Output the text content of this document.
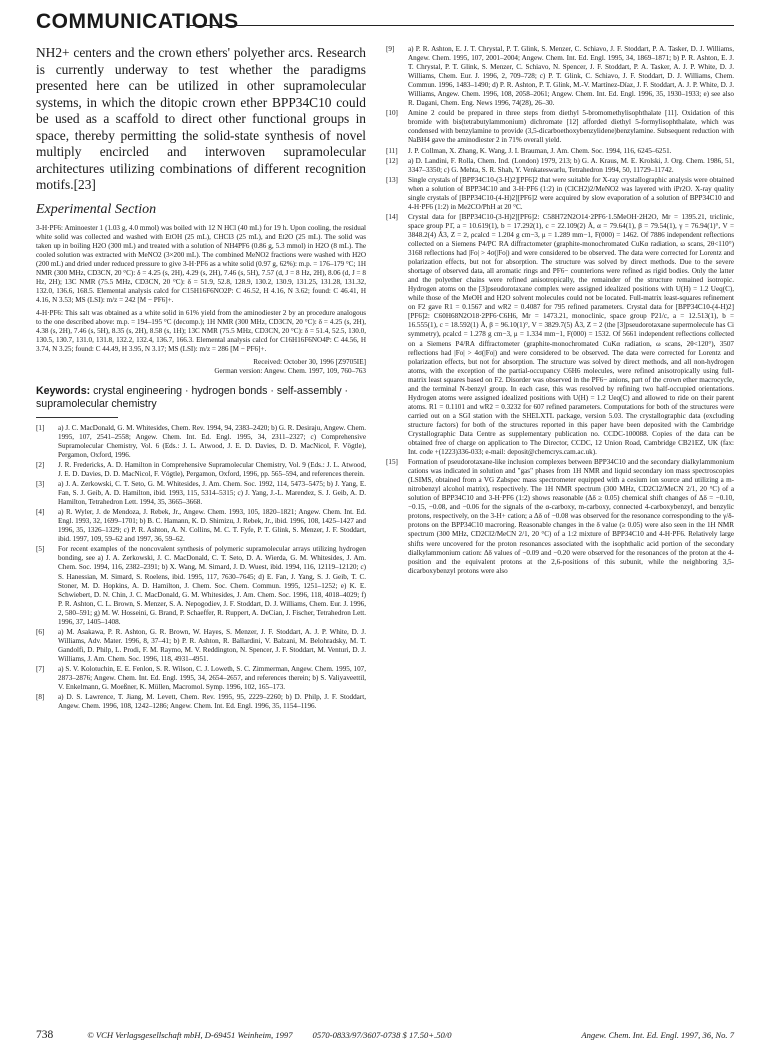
COMMUNICATIONS

NH2+ centers and the crown ethers' polyether arcs. Research is currently underway to test whether the paradigms presented here can be utilized in other supramolecular systems, in which the ditopic crown ether BPP34C10 could be used as a scaffold to direct other functional groups in space, thereby permitting the solid-state synthesis of novel multiply encircled and interwoven supramolecular architectures utilizing combinations of different recognition motifs.[23]

Experimental Section

3-H·PF6: Aminoester 1 (1.03 g, 4.0 mmol) was boiled with 12 N HCl (40 mL) for 19 h. Upon cooling, the residual white solid was collected and washed with EtOH (25 mL), CHCl3 (25 mL), and Et2O (25 mL). The solid was taken up in boiling H2O (300 mL) and treated with a solution of NH4PF6 (0.86 g, 5.3 mmol) in H2O (8 mL). The cooled solution was extracted with MeNO2 (3×200 mL). The combined MeNO2 fractions were washed with H2O (200 mL) and dried under reduced pressure to give 3-H·PF6 as a white solid (0.97 g, 62%): m.p. = 176–179 °C; 1H NMR (300 MHz, CD3CN, 20 °C): δ = 4.25 (s, 2H), 4.29 (s, 2H), 7.46 (s, 5H), 7.57 (d, J = 8 Hz, 2H), 8.06 (d, J = 8 Hz, 2H); 13C NMR (75.5 MHz, CD3CN, 20 °C): δ = 51.9, 52.8, 128.9, 130.2, 130.9, 131.25, 131.28, 131.32, 132.0, 136.6, 168.5. Elemental analysis calcd for C15H16F6NO2P: C 46.52, H 4.16, N 3.62; found: C 46.41, H 4.16, N 3.53; MS (LSI): m/z = 242 [M − PF6]+.

4-H·PF6: This salt was obtained as a white solid in 61% yield from the aminodiester 2 by an procedure analogous to the one described above: m.p. = 194–195 °C (decomp.); 1H NMR (300 MHz, CD3CN, 20 °C): δ = 4.25 (s, 2H), 4.38 (s, 2H), 7.46 (s, 5H), 8.35 (s, 2H), 8.58 (s, 1H); 13C NMR (75.5 MHz, CD3CN, 20 °C): δ = 51.4, 52.5, 130.0, 130.5, 130.7, 131.0, 131.8, 132.2, 132.4, 136.7, 166.3. Elemental analysis calcd for C16H16F6NO4P: C 44.56, H 3.74, N 3.25; found: C 44.49, H 3.95, N 3.17; MS (LSI): m/z = 286 [M − PF6]+.

Received: October 30, 1996 [Z9705IE]
German version: Angew. Chem. 1997, 109, 760–763
Keywords: crystal engineering · hydrogen bonds · self-assembly · supramolecular chemistry
[1]	a) J. C. MacDonald, G. M. Whitesides, Chem. Rev. 1994, 94, 2383–2420; b) G. R. Desiraju, Angew. Chem. 1995, 107, 2541–2558; Angew. Chem. Int. Ed. Engl. 1995, 34, 2311–2327; c) Comprehensive Supramolecular Chemistry, Vol. 6 (Eds.: J. L. Atwood, J. E. D. Davies, D. D. MacNicol, F. Vögtle), Pergamon, Oxford, 1996.
[2]	J. R. Fredericks, A. D. Hamilton in Comprehensive Supramolecular Chemistry, Vol. 9 (Eds.: J. L. Atwood, J. E. D. Davies, D. D. MacNicol, F. Vögtle), Pergamon, Oxford, 1996, pp. 565–594, and references therein.
[3]	a) J. A. Zerkowski, C. T. Seto, G. M. Whitesides, J. Am. Chem. Soc. 1992, 114, 5473–5475; b) J. Yang, E. Fan, S. J. Geib, A. D. Hamilton, ibid. 1993, 115, 5314–5315; c) J. Yang, J.-L. Marendez, S. J. Geib, A. D. Hamilton, Tetrahedron Lett. 1994, 35, 3665–3668.
[4]	a) R. Wyler, J. de Mendoza, J. Rebek, Jr., Angew. Chem. 1993, 105, 1820–1821; Angew. Chem. Int. Ed. Engl. 1993, 32, 1699–1701; b) B. C. Hamann, K. D. Shimizu, J. Rebek, Jr., ibid. 1996, 108, 1425–1427 and 1996, 35, 1326–1329; c) P. R. Ashton, A. N. Collins, M. C. T. Fyfe, P. T. Glink, S. Menzer, J. F. Stoddart, ibid. 1997, 109, 59–62 and 1997, 36, 59–62.
[5]	For recent examples of the noncovalent synthesis of polymeric supramolecular arrays utilizing hydrogen bonding, see a) J. A. Zerkowski, J. C. MacDonald, C. T. Seto, D. A. Wierda, G. M. Whitesides, J. Am. Chem. Soc. 1994, 116, 2382–2391; b) X. Wang, M. Simard, J. D. Wuest, ibid. 1994, 116, 12119–12120; c) S. Hanessian, M. Simard, S. Roelens, ibid. 1995, 117, 7630–7645; d) E. Fan, J. Yang, S. J. Geib, T. C. Stoner, M. D. Hopkins, A. D. Hamilton, J. Chem. Soc. Chem. Commun. 1995, 1251–1252; e) K. E. Schwiebert, D. N. Chin, J. C. MacDonald, G. M. Whitesides, J. Am. Chem. Soc. 1996, 118, 4018–4029; f) P. R. Ashton, C. L. Brown, S. Menzer, S. A. Nepogodiev, J. F. Stoddart, D. J. Williams, Chem. Eur. J. 1996, 2, 580–591; g) M. W. Hosseini, G. Brand, P. Schaeffer, R. Ruppert, A. DeCian, J. Fischer, Tetrahedron Lett. 1996, 37, 1405–1408.
[6]	a) M. Asakawa, P. R. Ashton, G. R. Brown, W. Hayes, S. Menzer, J. F. Stoddart, A. J. P. White, D. J. Williams, Adv. Mater. 1996, 8, 37–41; b) P. R. Ashton, R. Ballardini, V. Balzani, M. Belohradsky, M. T. Gandolfi, D. Philp, L. Prodi, F. M. Raymo, M. V. Reddington, N. Spencer, J. F. Stoddart, M. Venturi, D. J. Williams, J. Am. Chem. Soc. 1996, 118, 4931–4951.
[7]	a) S. V. Kolotuchin, E. E. Fenlon, S. R. Wilson, C. J. Loweth, S. C. Zimmerman, Angew. Chem. 1995, 107, 2873–2876; Angew. Chem. Int. Ed. Engl. 1995, 34, 2654–2657, and references therein; b) S. Valiyaveettil, V. Enkelmann, G. Moeßner, K. Müllen, Macromol. Symp. 1996, 102, 165–173.
[8]	a) D. S. Lawrence, T. Jiang, M. Levett, Chem. Rev. 1995, 95, 2229–2260; b) D. Philp, J. F. Stoddart, Angew. Chem. 1996, 108, 1242–1286; Angew. Chem. Int. Ed. Engl. 1996, 35, 1154–1196.
[9]	a) P. R. Ashton, E. J. T. Chrystal, P. T. Glink, S. Menzer, C. Schiavo, J. F. Stoddart, P. A. Tasker, D. J. Williams, Angew. Chem. 1995, 107, 2001–2004; Angew. Chem. Int. Ed. Engl. 1995, 34, 1869–1871; b) P. R. Ashton, E. J. T. Chrystal, P. T. Glink, S. Menzer, C. Schiavo, N. Spencer, J. F. Stoddart, P. A. Tasker, A. J. P. White, D. J. Williams, Chem. Eur. J. 1996, 2, 709–728; c) P. T. Glink, C. Schiavo, J. F. Stoddart, D. J. Williams, Chem. Commun. 1996, 1483–1490; d) P. R. Ashton, P. T. Glink, M.-V. Martínez-Díaz, J. F. Stoddart, A. J. P. White, D. J. Williams, Angew. Chem. 1996, 108, 2058–2061; Angew. Chem. Int. Ed. Engl. 1996, 35, 1930–1933; e) see also R. Dagani, Chem. Eng. News 1996, 74(28), 26–30.
[10]	Amine 2 could be prepared in three steps from diethyl 5-bromomethylisophthalate [11]. Oxidation of this bromide with bis(tetrabutylammonium) dichromate [12] afforded diethyl 5-formylisophthalate, which was condensed with benzylamine to provide (3,5-dicarboethoxybenzylidene)benzylamine. Subsequent reduction with NaBH4 gave the aminodiester 2 in 71% overall yield.
[11]	J. P. Collman, X. Zhang, K. Wang, J. I. Brauman, J. Am. Chem. Soc. 1994, 116, 6245–6251.
[12]	a) D. Landini, F. Rolla, Chem. Ind. (London) 1979, 213; b) G. A. Kraus, M. E. Krolski, J. Org. Chem. 1986, 51, 3347–3350; c) G. Mehta, S. R. Shah, Y. Venkateswarlu, Tetrahedron 1994, 50, 11729–11742.
[13]	Single crystals of [BPP34C10-(3-H)2][PF6]2 that were suitable for X-ray crystallographic analysis were obtained when a solution of BPP34C10 and 3-H·PF6 (1:2) in (ClCH2)2/MeNO2 was layered with iPr2O. X-ray quality single crystals of [BPP34C10-(4-H)2][PF6]2 were acquired by slow evaporation of a solution of BPP34C10 and 4-H·PF6 (1:2) in Me2CO/PhH at 20 °C.
[14]	Crystal data for [BPP34C10-(3-H)2][PF6]2: C58H72N2O14·2PF6·1.5MeOH·2H2O, Mr = 1395.21, triclinic, space group P1̄, a = 10.619(1), b = 17.292(1), c = 22.109(2) Å, α = 79.64(1), β = 79.54(1), γ = 76.94(1)°, V = 3848.2(4) Å3, Z = 2, ρcalcd = 1.204 g cm−3, μ = 1.289 mm−1, F(000) = 1462. Of 7886 independent reflections collected on a Siemens P4/PC RA diffractometer (graphite-monochromated CuKα radiation, ω scans, 2θ<110°) 3168 reflections had |Fo| > 4σ(|Fo|) and were considered to be observed. The data were corrected for Lorentz and polarization effects, but not for absorption. The structure was solved by direct methods. Due to the severe shortage of observed data, all aromatic rings and PF6− counterions were refined as rigid bodies. Only the latter and the polyether chains were refined anisotropically, the remainder of the structure remained isotropic. Hydrogen atoms on the [3]pseudorotaxane complex were assigned idealized positions with U(H) = 1.2 Ueq(C), while those of the MeOH and H2O solvent molecules could not be located. Full-matrix least-squares refinement on F2 gave R1 = 0.1567 and wR2 = 0.4087 for 795 refined parameters. Crystal data for [BPP34C10-(4-H)2][PF6]2: C60H68N2O18·2PF6·C6H6, Mr = 1473.21, monoclinic, space group P21/c, a = 12.513(1), b = 16.555(1), c = 18.592(1) Å, β = 96.10(1)°, V = 3829.7(5) Å3, Z = 2 (the [3]pseudorotaxane supermolecule has Ci symmetry), ρcalcd = 1.278 g cm−3, μ = 1.334 mm−1, F(000) = 1532. Of 5661 independent reflections collected on a Siemens P4/RA diffractometer (graphite-monochromated CuKα radiation, ω scans, 2θ<120°), 3507 reflections had |Fo| > 4σ(|Fo|) and were considered to be observed. The data were corrected for Lorentz and polarization effects, but not for absorption. The structure was solved by direct methods, and all non-hydrogen atoms, with the exception of the partial-occupancy C6H6 molecules, were refined anisotropically using full-matrix least squares based on F2. Disorder was observed in the PF6− anions, part of the crown ether macrocycle, and the terminal N-benzyl group. In each case, this was resolved by refining two half-occupied orientations. Hydrogen atoms were assigned idealized positions with U(H) = 1.2 Ueq(C) and allowed to ride on their parent atoms. R1 = 0.1101 and wR2 = 0.3232 for 607 refined parameters. Computations for both of the structures were carried out on a SGI station with the SHELXTL package, version 5.03. The crystallographic data (excluding structure factors) for both of the structures reported in this paper have been deposited with the Cambridge Crystallographic Data Centre as supplementary publication no. CCDC-100088. Copies of the data can be obtained free of charge on application to The Director, CCDC, 12 Union Road, Cambridge CB21EZ, UK (fax: Int. code +(1223)336-033; e-mail: deposit@chemcrys.cam.ac.uk).
[15]	Formation of pseudorotaxane-like inclusion complexes between BPP34C10 and the secondary dialkylammonium cations was indicated in solution and "gas" phases from 1H NMR and liquid secondary ion mass spectroscopies (LSIMS, obtained from a VG Zabspec mass spectrometer equipped with a cesium ion source and utilizing a m-nitrobenzyl alcohol matrix), respectively. The 1H NMR spectrum (300 MHz, CD2Cl2/MeCN 2/1, 20 °C) of a solution of BPP34C10 and 3-H·PF6 (1:2) shows reasonable (Δδ ≥ 0.05) chemical shift changes of Δδ = −0.10, −0.15, −0.08, and −0.06 for the signals of the α-carboxy, m-carboxy, connected 4-carboxybenzyl, and benzylic protons, respectively, on the 3-H+ cation; a Δδ of −0.08 was observed for the resonance corresponding to the γ/δ-protons on the BPP34C10 macroring. Reasonable changes in the δ value (≥ 0.05) were also seen in the 1H NMR spectrum (300 MHz, CD2Cl2/MeCN 2/1, 20 °C) of a 1:2 mixture of BPP34C10 and 4-H·PF6. Relatively large shifts were uncovered for the proton resonances associated with the isophthalic acid portion of the secondary dialkylammonium cation: Δδ values of −0.09 and −0.20 were observed for the resonances of the proton at the 4-position and the equivalent protons at the 2,6-positions of this subunit, while the neighboring 3,5-dicarboxybenzyl protons were also
738	© VCH Verlagsgesellschaft mbH, D-69451 Weinheim, 1997 0570-0833/97/3607-0738 $ 17.50+.50/0	Angew. Chem. Int. Ed. Engl. 1997, 36, No. 7
